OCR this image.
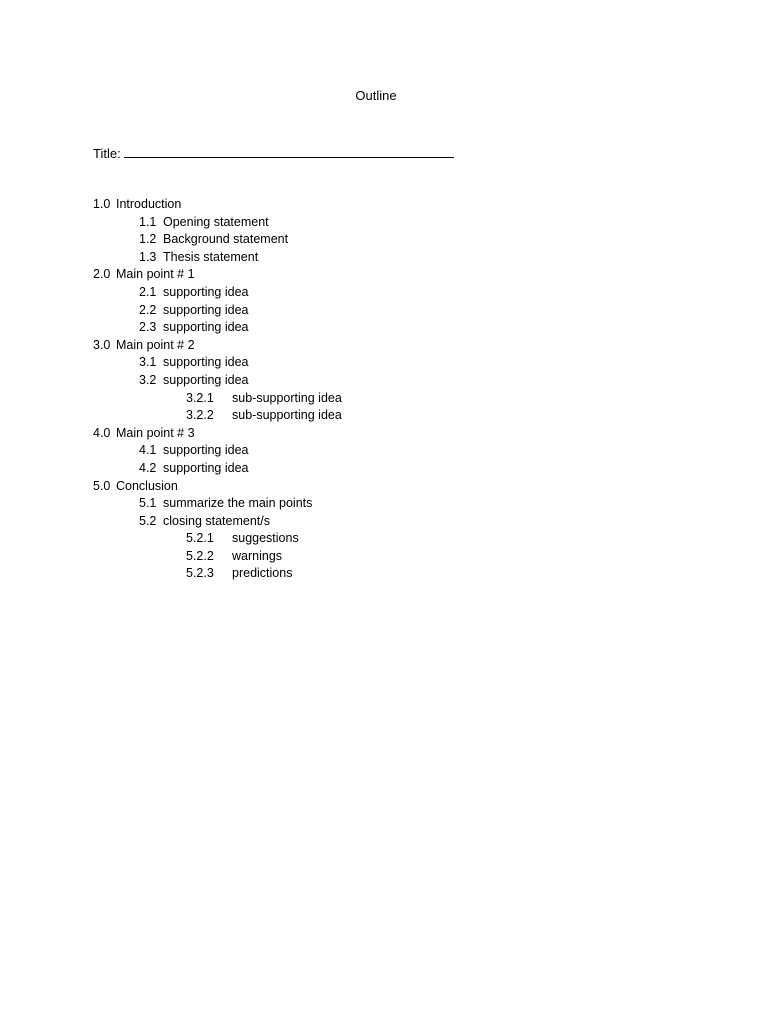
Outline
Title:
1.0 Introduction
1.1 Opening statement
1.2 Background statement
1.3 Thesis statement
2.0 Main point # 1
2.1 supporting idea
2.2 supporting idea
2.3 supporting idea
3.0 Main point # 2
3.1 supporting idea
3.2 supporting idea
3.2.1 sub-supporting idea
3.2.2 sub-supporting idea
4.0 Main point # 3
4.1 supporting idea
4.2 supporting idea
5.0 Conclusion
5.1 summarize the main points
5.2 closing statement/s
5.2.1 suggestions
5.2.2 warnings
5.2.3 predictions
